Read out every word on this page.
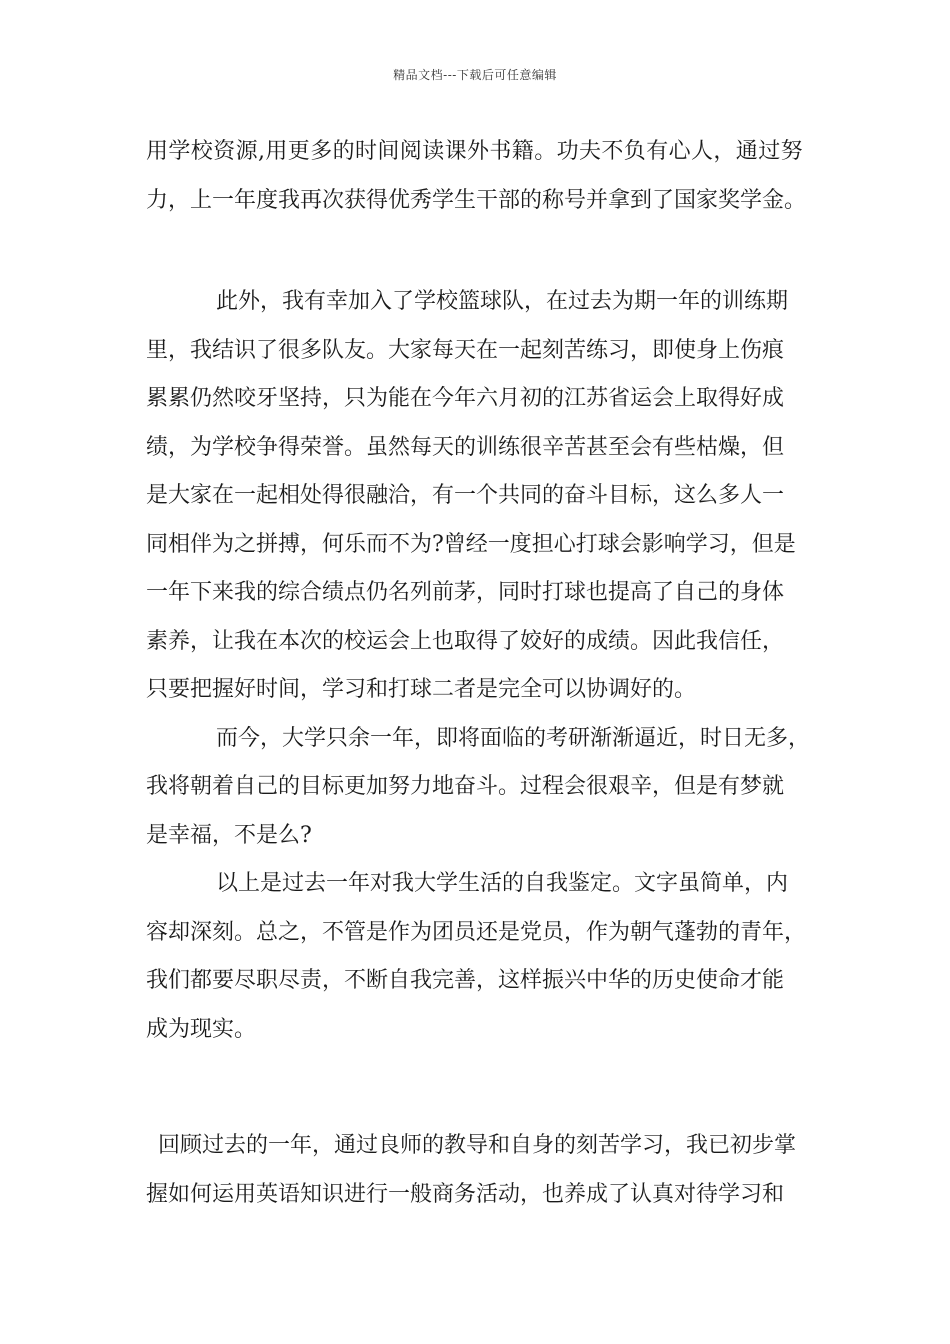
精品文档---下载后可任意编辑
用学校资源,用更多的时间阅读课外书籍。功夫不负有心人，通过努
力，上一年度我再次获得优秀学生干部的称号并拿到了国家奖学金。
此外，我有幸加入了学校篮球队，在过去为期一年的训练期
里，我结识了很多队友。大家每天在一起刻苦练习，即使身上伤痕
累累仍然咬牙坚持，只为能在今年六月初的江苏省运会上取得好成
绩，为学校争得荣誉。虽然每天的训练很辛苦甚至会有些枯燥，但
是大家在一起相处得很融洽，有一个共同的奋斗目标，这么多人一
同相伴为之拼搏，何乐而不为?曾经一度担心打球会影响学习，但是
一年下来我的综合绩点仍名列前茅，同时打球也提高了自己的身体
素养，让我在本次的校运会上也取得了姣好的成绩。因此我信任，
只要把握好时间，学习和打球二者是完全可以协调好的。
而今，大学只余一年，即将面临的考研渐渐逼近，时日无多，
我将朝着自己的目标更加努力地奋斗。过程会很艰辛，但是有梦就
是幸福，不是么?
以上是过去一年对我大学生活的自我鉴定。文字虽简单，内
容却深刻。总之，不管是作为团员还是党员，作为朝气蓬勃的青年，
我们都要尽职尽责，不断自我完善，这样振兴中华的历史使命才能
成为现实。
回顾过去的一年，通过良师的教导和自身的刻苦学习，我已初步掌
握如何运用英语知识进行一般商务活动，也养成了认真对待学习和
